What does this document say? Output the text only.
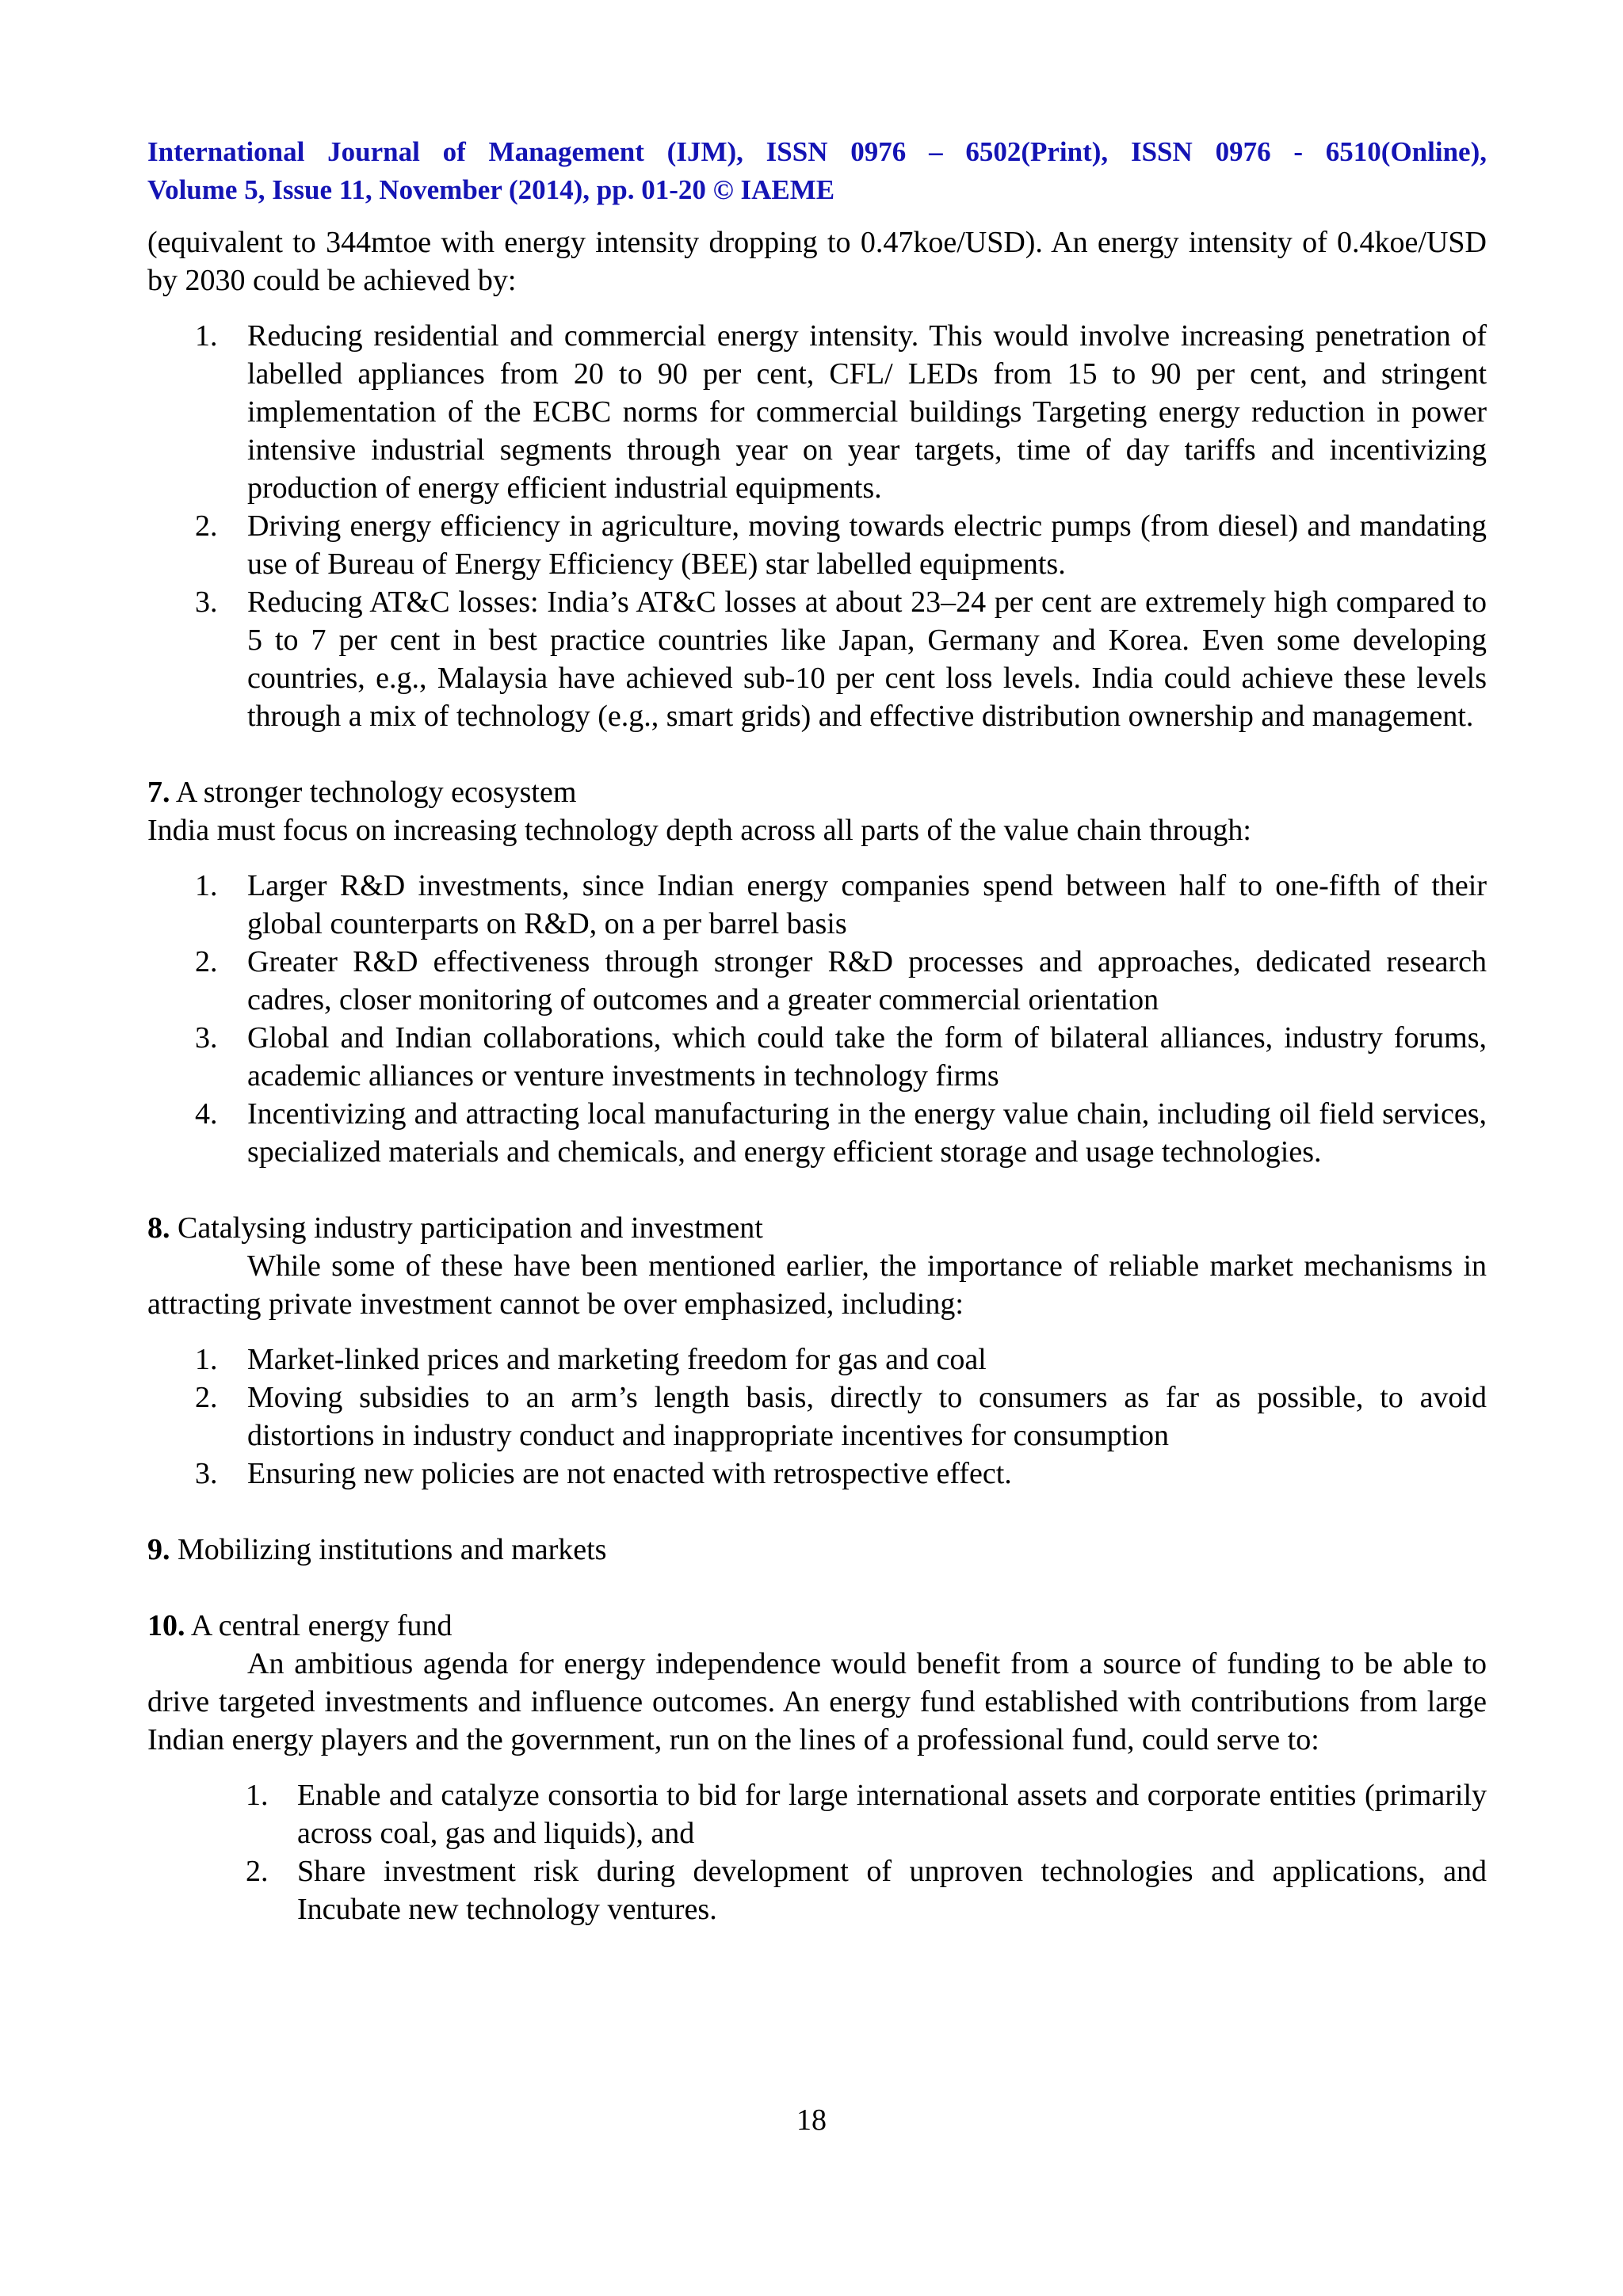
International Journal of Management (IJM), ISSN 0976 – 6502(Print), ISSN 0976 - 6510(Online),
Volume 5, Issue 11, November (2014), pp. 01-20 © IAEME

(equivalent to 344mtoe with energy intensity dropping to 0.47koe/USD). An energy intensity of 0.4koe/USD by 2030 could be achieved by:

1. Reducing residential and commercial energy intensity. This would involve increasing penetration of labelled appliances from 20 to 90 per cent, CFL/ LEDs from 15 to 90 per cent, and stringent implementation of the ECBC norms for commercial buildings Targeting energy reduction in power intensive industrial segments through year on year targets, time of day tariffs and incentivizing production of energy efficient industrial equipments.
2. Driving energy efficiency in agriculture, moving towards electric pumps (from diesel) and mandating use of Bureau of Energy Efficiency (BEE) star labelled equipments.
3. Reducing AT&C losses: India’s AT&C losses at about 23–24 per cent are extremely high compared to 5 to 7 per cent in best practice countries like Japan, Germany and Korea. Even some developing countries, e.g., Malaysia have achieved sub-10 per cent loss levels. India could achieve these levels through a mix of technology (e.g., smart grids) and effective distribution ownership and management.

7. A stronger technology ecosystem

India must focus on increasing technology depth across all parts of the value chain through:

1. Larger R&D investments, since Indian energy companies spend between half to one-fifth of their global counterparts on R&D, on a per barrel basis
2. Greater R&D effectiveness through stronger R&D processes and approaches, dedicated research cadres, closer monitoring of outcomes and a greater commercial orientation
3. Global and Indian collaborations, which could take the form of bilateral alliances, industry forums, academic alliances or venture investments in technology firms
4. Incentivizing and attracting local manufacturing in the energy value chain, including oil field services, specialized materials and chemicals, and energy efficient storage and usage technologies.

8. Catalysing industry participation and investment

While some of these have been mentioned earlier, the importance of reliable market mechanisms in attracting private investment cannot be over emphasized, including:

1. Market-linked prices and marketing freedom for gas and coal
2. Moving subsidies to an arm’s length basis, directly to consumers as far as possible, to avoid distortions in industry conduct and inappropriate incentives for consumption
3. Ensuring new policies are not enacted with retrospective effect.

9. Mobilizing institutions and markets

10. A central energy fund

An ambitious agenda for energy independence would benefit from a source of funding to be able to drive targeted investments and influence outcomes. An energy fund established with contributions from large Indian energy players and the government, run on the lines of a professional fund, could serve to:

1. Enable and catalyze consortia to bid for large international assets and corporate entities (primarily across coal, gas and liquids), and
2. Share investment risk during development of unproven technologies and applications, and Incubate new technology ventures.
18
